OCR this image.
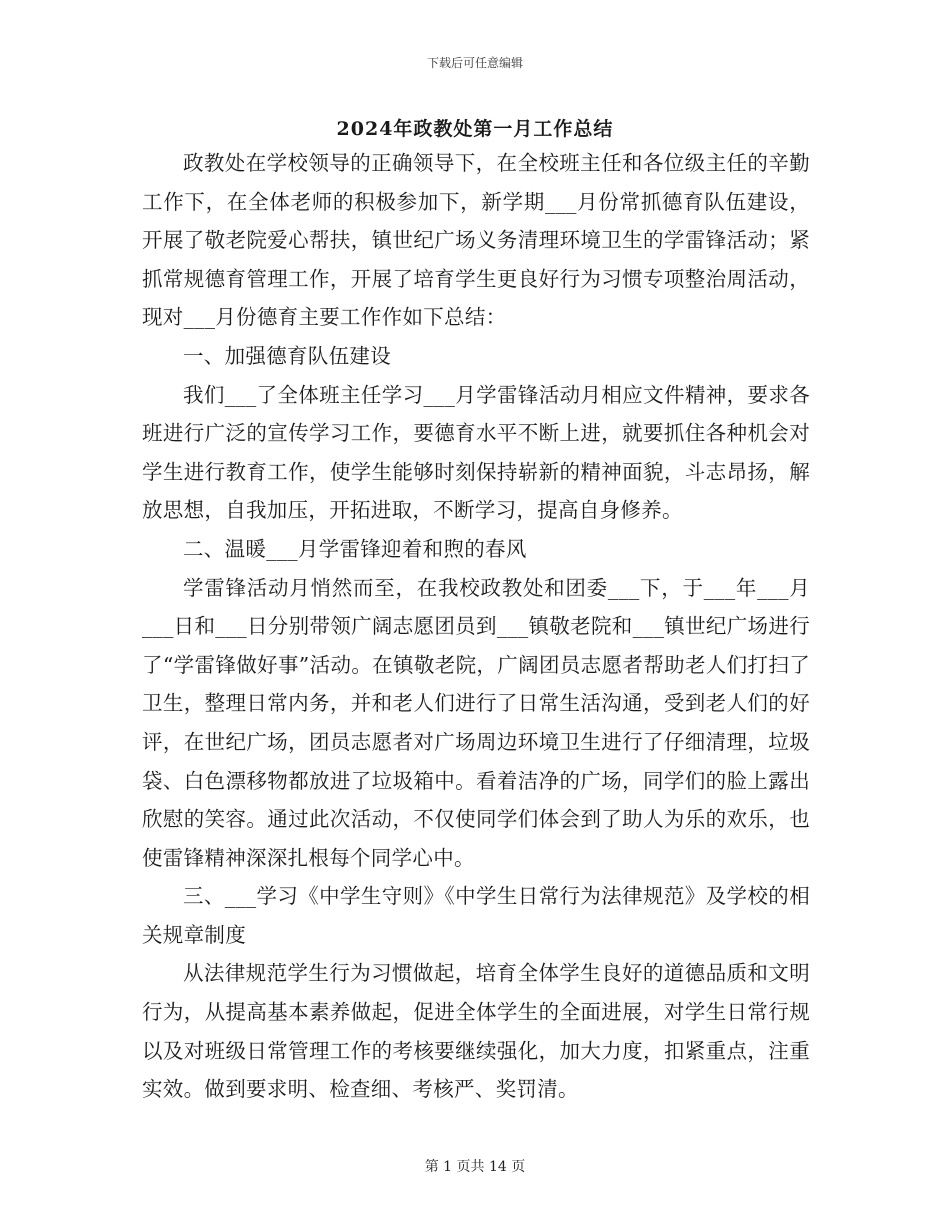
下载后可任意编辑
2024年政教处第一月工作总结

政教处在学校领导的正确领导下，在全校班主任和各位级主任的辛勤工作下，在全体老师的积极参加下，新学期___月份常抓德育队伍建设，开展了敬老院爱心帮扶，镇世纪广场义务清理环境卫生的学雷锋活动；紧抓常规德育管理工作，开展了培育学生更良好行为习惯专项整治周活动，现对___月份德育主要工作作如下总结：

一、加强德育队伍建设

我们___了全体班主任学习___月学雷锋活动月相应文件精神，要求各班进行广泛的宣传学习工作，要德育水平不断上进，就要抓住各种机会对学生进行教育工作，使学生能够时刻保持崭新的精神面貌，斗志昂扬，解放思想，自我加压，开拓进取，不断学习，提高自身修养。

二、温暖___月学雷锋迎着和煦的春风

学雷锋活动月悄然而至，在我校政教处和团委___下，于___年___月___日和___日分别带领广阔志愿团员到___镇敬老院和___镇世纪广场进行了“学雷锋做好事”活动。在镇敬老院，广阔团员志愿者帮助老人们打扫了卫生，整理日常内务，并和老人们进行了日常生活沟通，受到老人们的好评，在世纪广场，团员志愿者对广场周边环境卫生进行了仔细清理，垃圾袋、白色漂移物都放进了垃圾箱中。看着洁净的广场，同学们的脸上露出欣慰的笑容。通过此次活动，不仅使同学们体会到了助人为乐的欢乐，也使雷锋精神深深扎根每个同学心中。

三、___学习《中学生守则》《中学生日常行为法律规范》及学校的相关规章制度

从法律规范学生行为习惯做起，培育全体学生良好的道德品质和文明行为，从提高基本素养做起，促进全体学生的全面进展，对学生日常行规以及对班级日常管理工作的考核要继续强化，加大力度，扣紧重点，注重实效。做到要求明、检查细、考核严、奖罚清。

第 1 页共 14 页
